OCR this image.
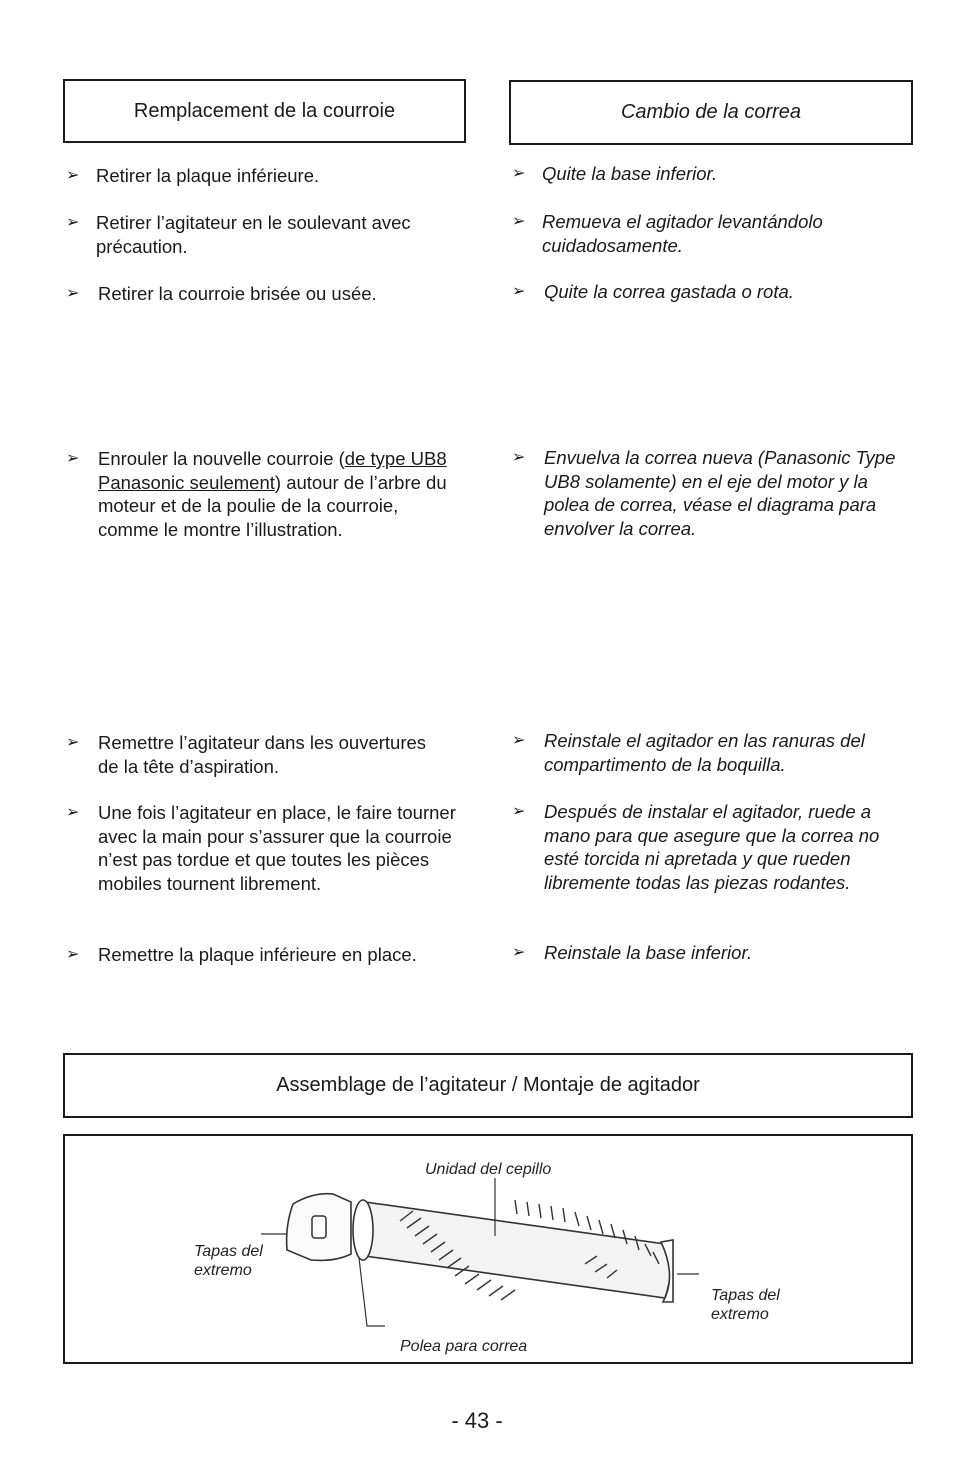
Remplacement de la courroie	Cambio de la correa
➢ Retirer la plaque inférieure.
➢ Retirer l’agitateur en le soulevant avec précaution.
➢	Retirer la courroie brisée ou usée.
➢	Enrouler la nouvelle courroie (de type UB8 Panasonic seulement) autour de l’arbre du moteur et de la poulie de la courroie, comme le montre l’illustration.
➢	Remettre l’agitateur dans les ouvertures de la tête d’aspiration.
➢	Une fois l’agitateur en place, le faire tourner avec la main pour s’assurer que la courroie n’est pas tordue et que toutes les pièces mobiles tournent librement.
➢	Remettre la plaque inférieure en place.
➢ Quite la base inferior.
➢ Remueva el agitador levantándolo cuidadosamente.
➢	Quite la correa gastada o rota.
➢	Envuelva la correa nueva (Panasonic Type UB8 solamente) en el eje del motor y la polea de correa, véase el diagrama para envolver la correa.
➢	Reinstale el agitador en las ranuras del compartimento de la boquilla.
➢	Después de instalar el agitador, ruede a mano para que asegure que la correa no esté torcida ni apretada y que rueden libremente todas las piezas rodantes.
➢	Reinstale la base inferior.
Assemblage de l’agitateur / Montaje de agitador
Unidad del cepillo
Tapas del
extremo
Tapas del
extremo
Polea para correa
- 43 -
